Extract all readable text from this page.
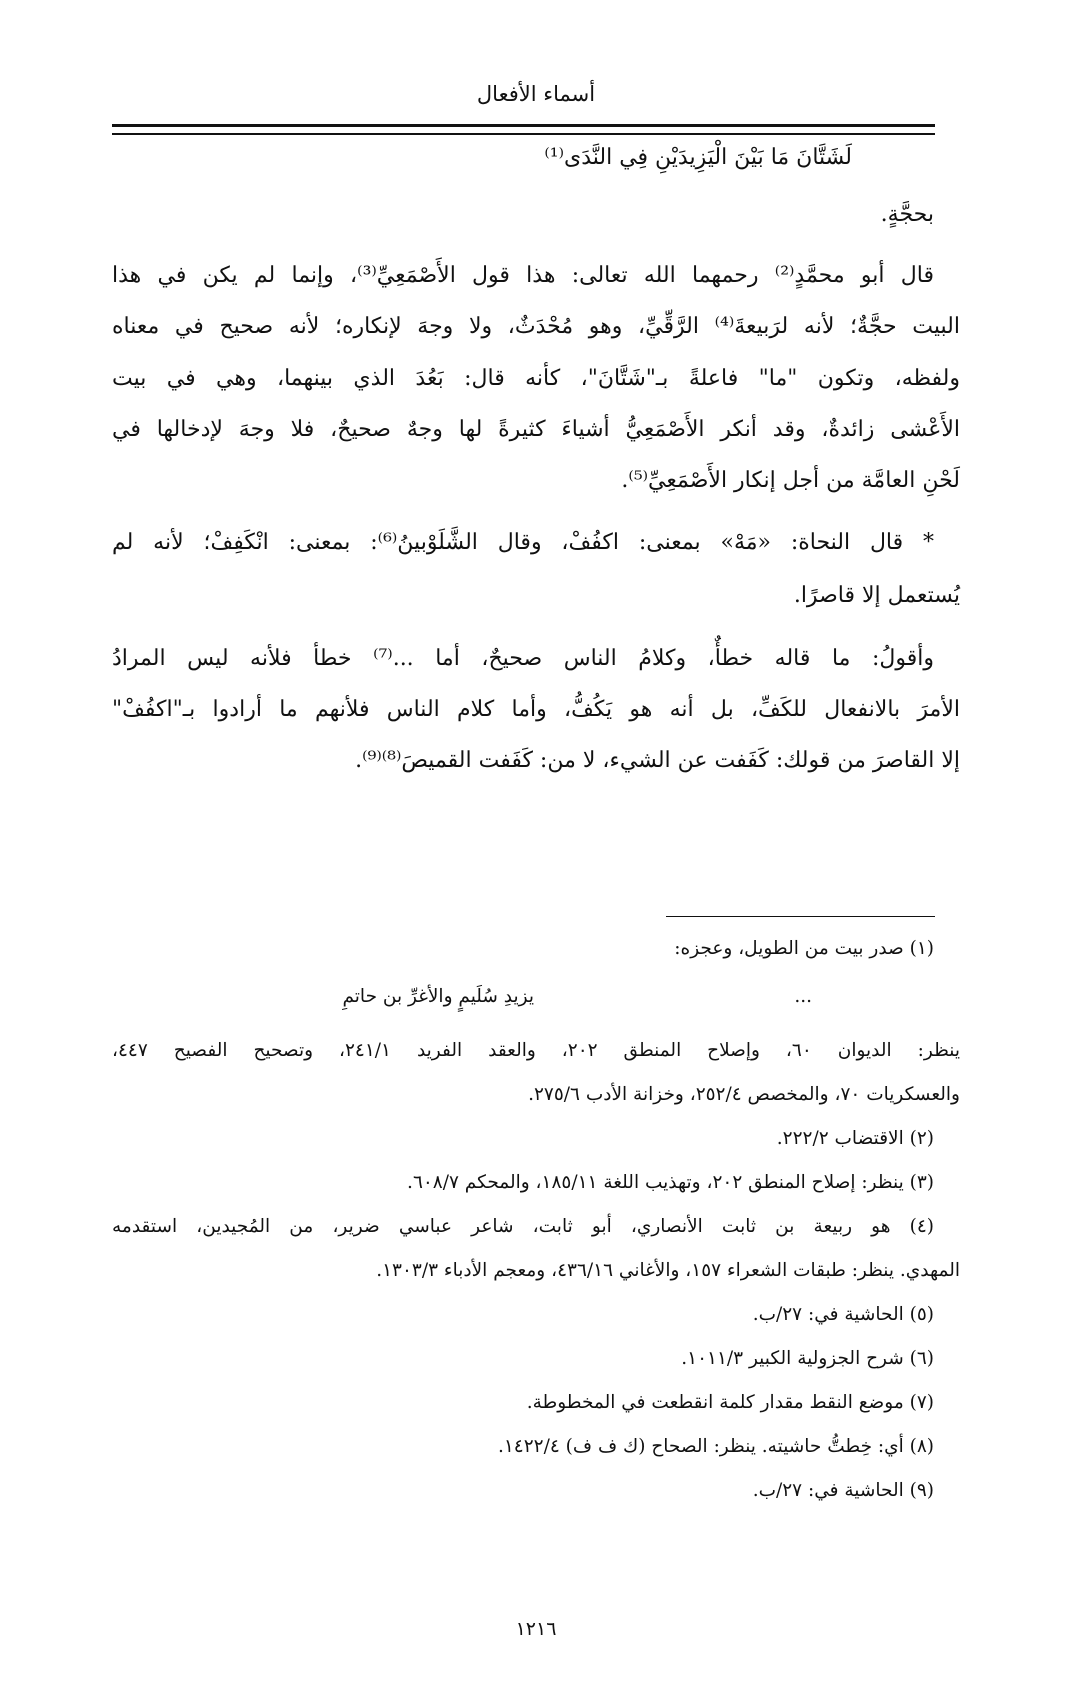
أسماء الأفعال
لَشَتَّانَ مَا بَيْنَ الْيَزِيدَيْنِ فِي النَّدَى⁽¹⁾
بحجَّةٍ.
قال أبو محمَّدٍ⁽²⁾ رحمهما الله تعالى: هذا قول الأَصْمَعِيِّ⁽³⁾، وإنما لم يكن في هذا
البيت حجَّةٌ؛ لأنه لرَبيعةَ⁽⁴⁾ الرَّقِّيِّ، وهو مُحْدَثٌ، ولا وجهَ لإنكاره؛ لأنه صحيح في معناه
ولفظه، وتكون "ما" فاعلةً بـ"شَتَّانَ"، كأنه قال: بَعُدَ الذي بينهما، وهي في بيت
الأَعْشى زائدةٌ، وقد أنكر الأَصْمَعِيُّ أشياءَ كثيرةً لها وجهٌ صحيحٌ، فلا وجهَ لإدخالها في
لَحْنِ العامَّة من أجل إنكار الأَصْمَعِيِّ⁽⁵⁾.
* قال النحاة: «مَهْ» بمعنى: اكفُفْ، وقال الشَّلَوْبينُ⁽⁶⁾: بمعنى: انْكَفِفْ؛ لأنه لم
يُستعمل إلا قاصرًا.
وأقولُ: ما قاله خطأٌ، وكلامُ الناس صحيحٌ، أما ...⁽⁷⁾ خطأ فلأنه ليس المرادُ
الأمرَ بالانفعال للكَفِّ، بل أنه هو يَكُفُّ، وأما كلام الناس فلأنهم ما أرادوا بـ"اكفُفْ"
إلا القاصرَ من قولك: كَفَفت عن الشيء، لا من: كَفَفت القميصَ⁽⁸⁾⁽⁹⁾.
(١) صدر بيت من الطويل، وعجزه:
يزيدِ سُلَيمٍ والأغرِّ بن حاتمِ	...
ينظر: الديوان ٦٠، وإصلاح المنطق ٢٠٢، والعقد الفريد ٢٤١/١، وتصحيح الفصيح ٤٤٧،
والعسكريات ٧٠، والمخصص ٢٥٢/٤، وخزانة الأدب ٢٧٥/٦.
(٢) الاقتضاب ٢٢٢/٢.
(٣) ينظر: إصلاح المنطق ٢٠٢، وتهذيب اللغة ١٨٥/١١، والمحكم ٦٠٨/٧.
(٤) هو ربيعة بن ثابت الأنصاري، أبو ثابت، شاعر عباسي ضرير، من المُجيدين، استقدمه
المهدي. ينظر: طبقات الشعراء ١٥٧، والأغاني ٤٣٦/١٦، ومعجم الأدباء ١٣٠٣/٣.
(٥) الحاشية في: ٢٧/ب.
(٦) شرح الجزولية الكبير ١٠١١/٣.
(٧) موضع النقط مقدار كلمة انقطعت في المخطوطة.
(٨) أي: خِطتُّ حاشيته. ينظر: الصحاح (ك ف ف) ١٤٢٢/٤.
(٩) الحاشية في: ٢٧/ب.
١٢١٦
